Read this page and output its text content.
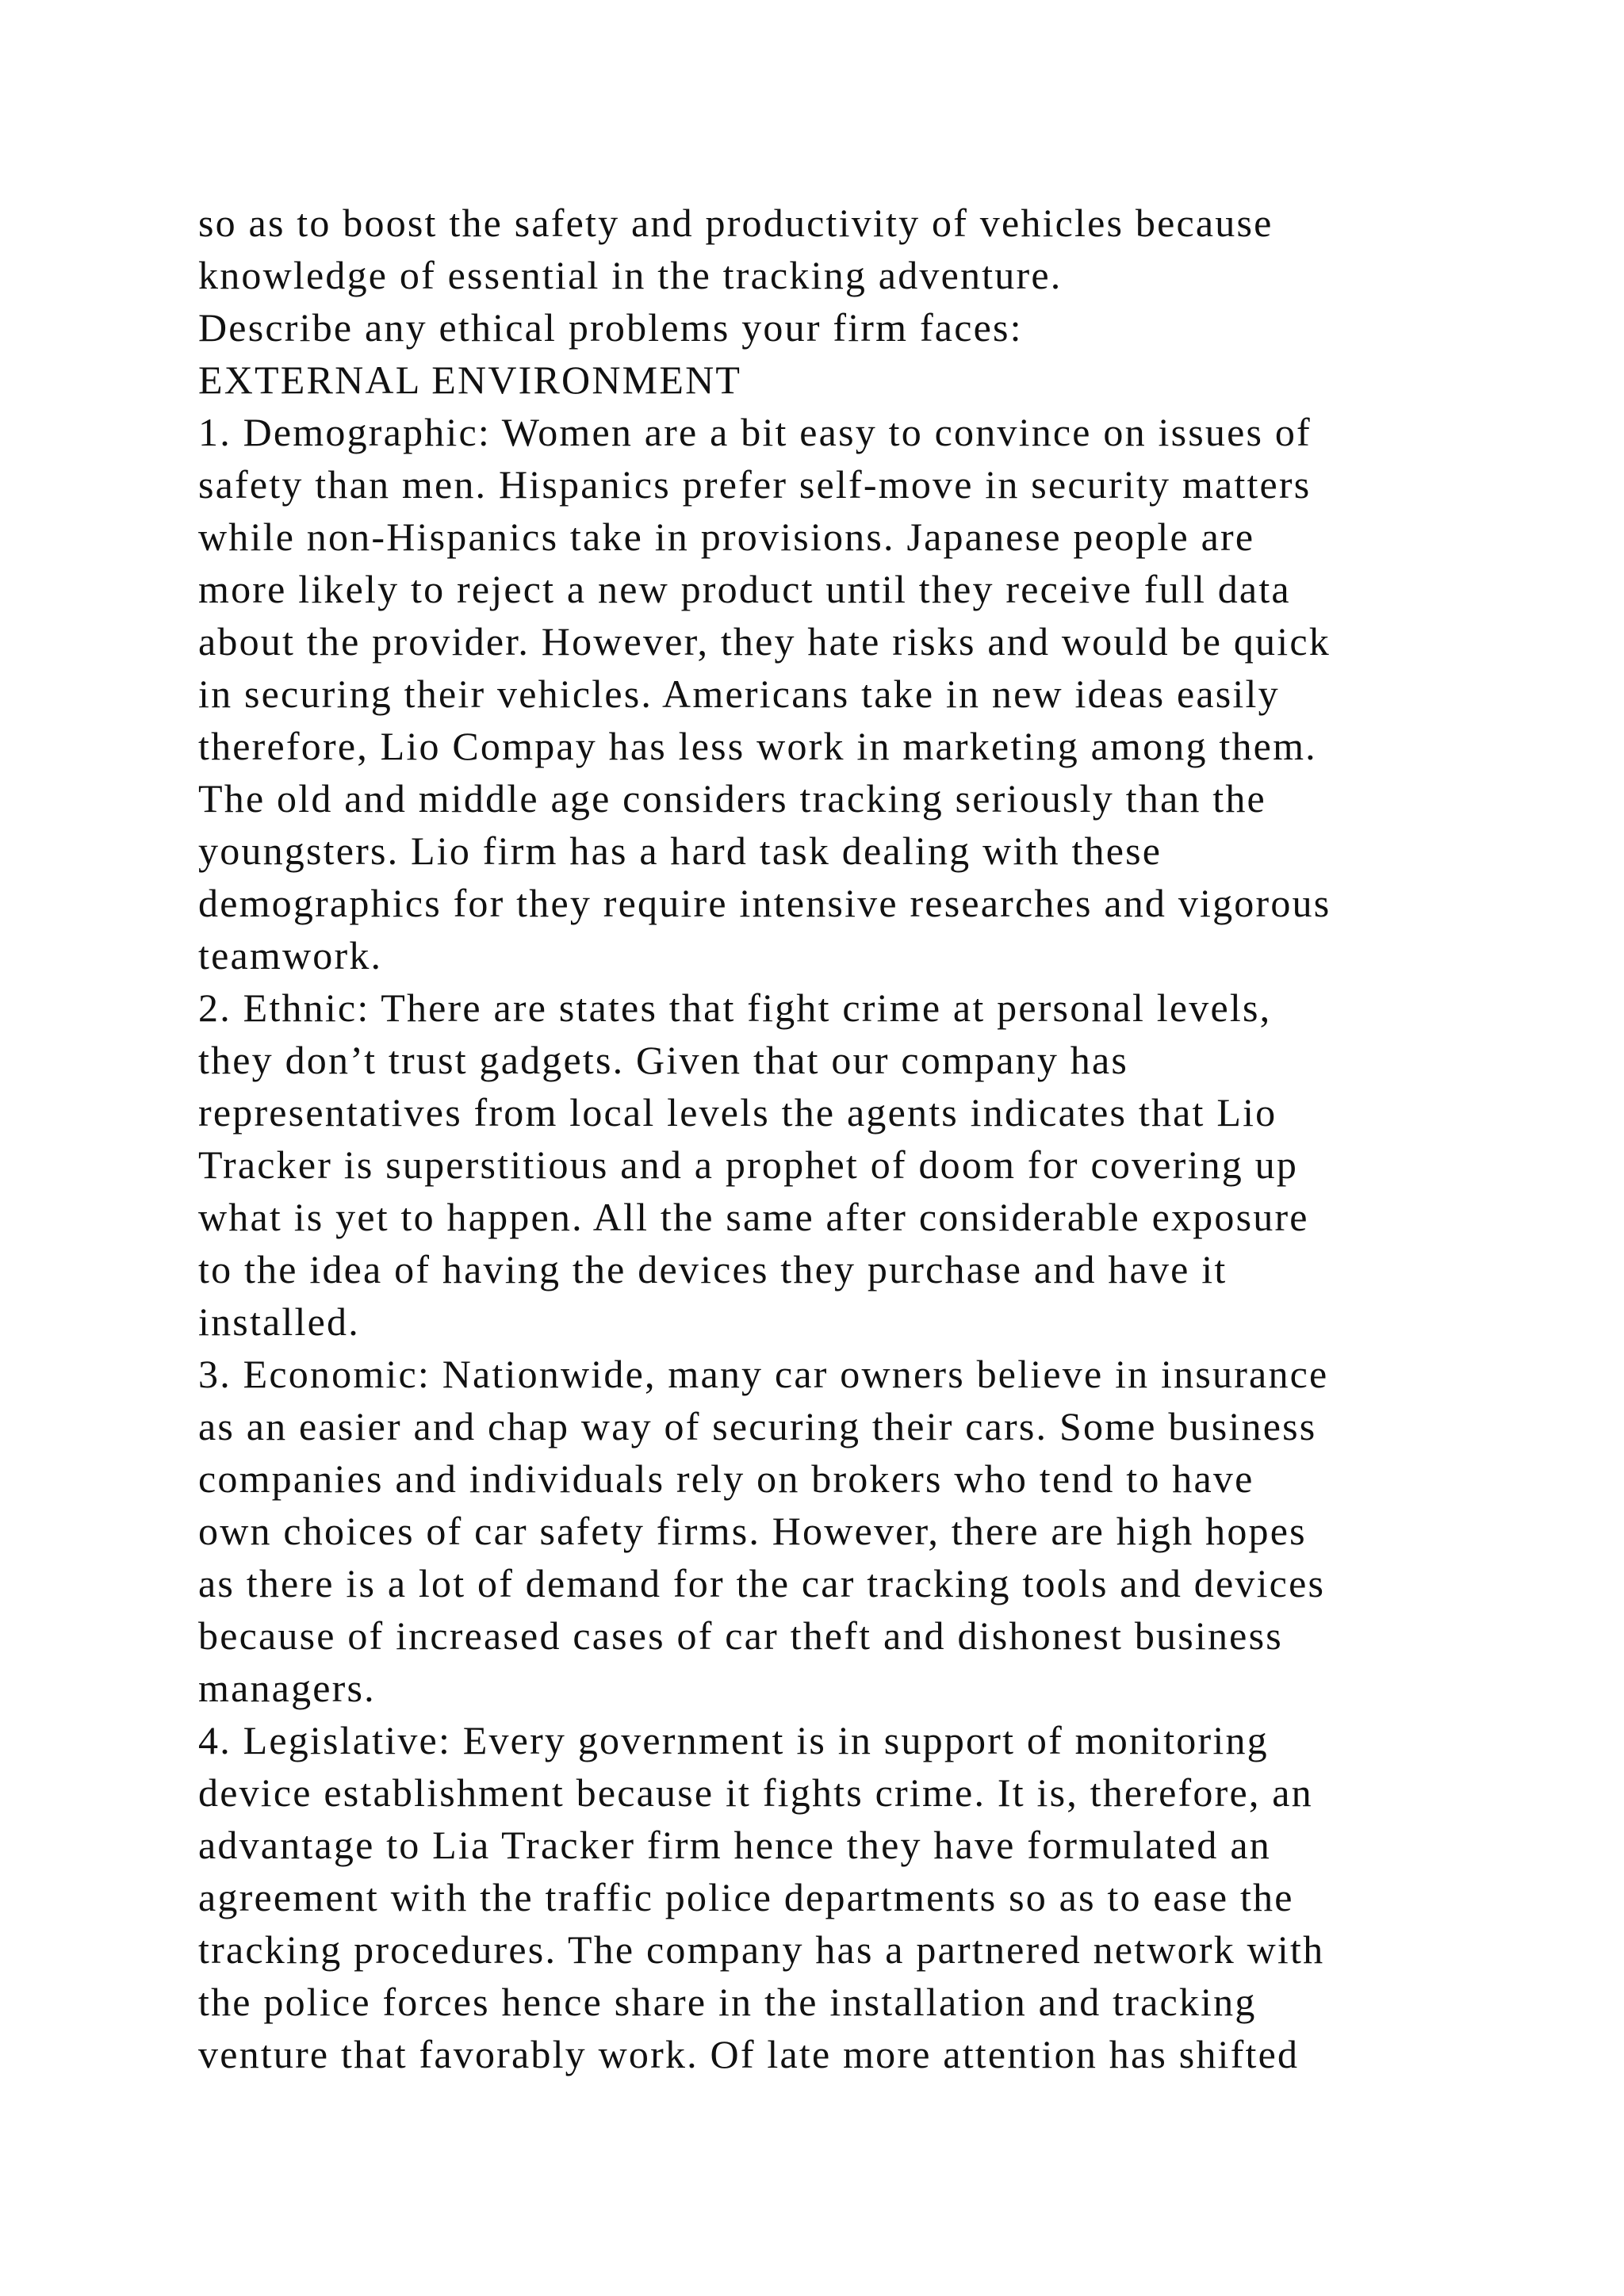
so as to boost the safety and productivity of vehicles because
knowledge of essential in the tracking adventure.
Describe any ethical problems your firm faces:
EXTERNAL ENVIRONMENT
1. Demographic: Women are a bit easy to convince on issues of
safety than men. Hispanics prefer self-move in security matters
while non-Hispanics take in provisions. Japanese people are
more likely to reject a new product until they receive full data
about the provider. However, they hate risks and would be quick
in securing their vehicles. Americans take in new ideas easily
therefore, Lio Compay has less work in marketing among them.
The old and middle age considers tracking seriously than the
youngsters. Lio firm has a hard task dealing with these
demographics for they require intensive researches and vigorous
teamwork.
2. Ethnic: There are states that fight crime at personal levels,
they don’t trust gadgets. Given that our company has
representatives from local levels the agents indicates that Lio
Tracker is superstitious and a prophet of doom for covering up
what is yet to happen. All the same after considerable exposure
to the idea of having the devices they purchase and have it
installed.
3. Economic: Nationwide, many car owners believe in insurance
as an easier and chap way of securing their cars. Some business
companies and individuals rely on brokers who tend to have
own choices of car safety firms. However, there are high hopes
as there is a lot of demand for the car tracking tools and devices
because of increased cases of car theft and dishonest business
managers.
4. Legislative: Every government is in support of monitoring
device establishment because it fights crime. It is, therefore, an
advantage to Lia Tracker firm hence they have formulated an
agreement with the traffic police departments so as to ease the
tracking procedures. The company has a partnered network with
the police forces hence share in the installation and tracking
venture that favorably work. Of late more attention has shifted
